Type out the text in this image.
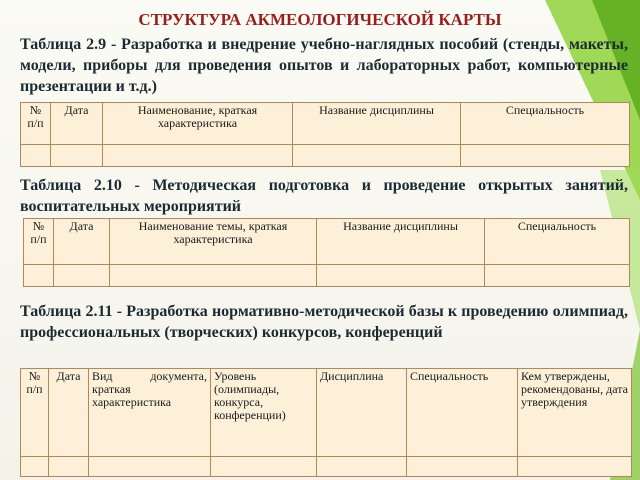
СТРУКТУРА АКМЕОЛОГИЧЕСКОЙ КАРТЫ
Таблица 2.9 - Разработка и внедрение учебно-наглядных пособий (стенды, макеты, модели, приборы для проведения опытов и лабораторных работ, компьютерные презентации и т.д.)
№ п/п	Дата	Наименование, краткая характеристика	Название дисциплины	Специальность

Таблица 2.10 - Методическая подготовка и проведение открытых занятий, воспитательных мероприятий
№ п/п	Дата	Наименование темы, краткая характеристика	Название дисциплины	Специальность

Таблица 2.11 - Разработка нормативно-методической базы к проведению олимпиад, профессиональных (творческих) конкурсов, конференций
№ п/п	Дата	Вид документа, краткая характеристика	Уровень (олимпиады, конкурса, конференции)	Дисциплина	Специальность	Кем утверждены, рекомендованы, дата утверждения
